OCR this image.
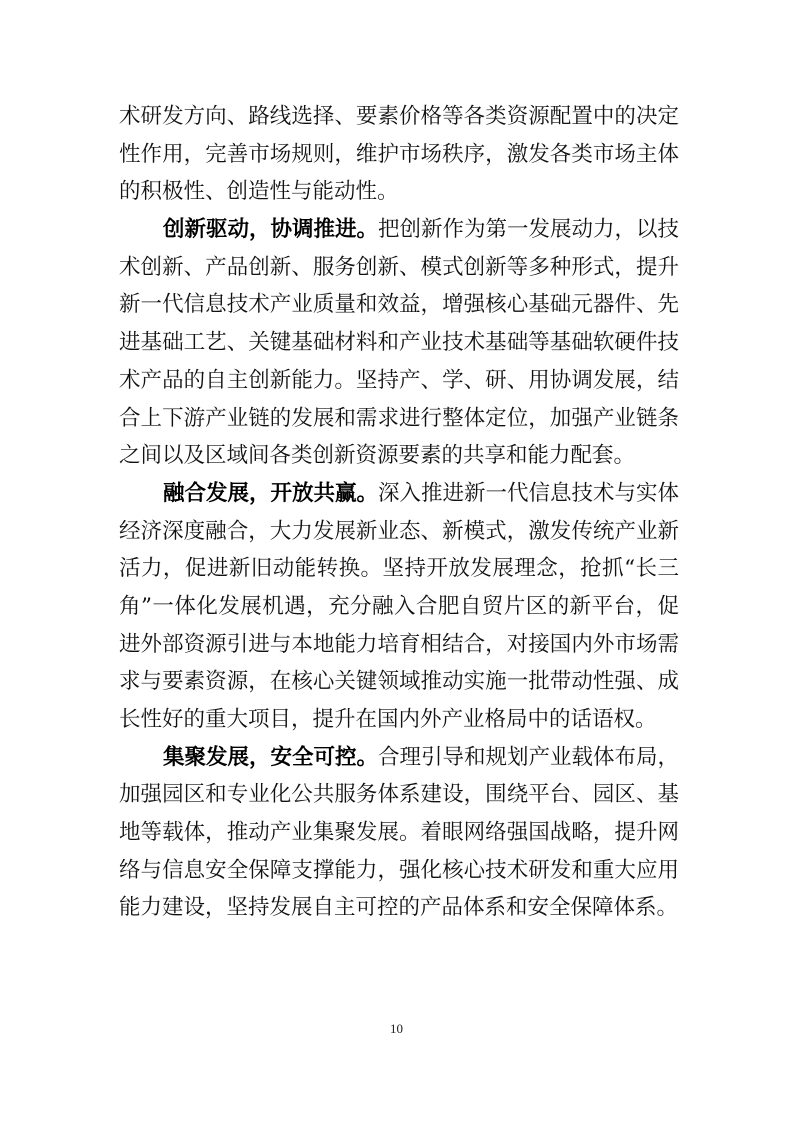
术研发方向、路线选择、要素价格等各类资源配置中的决定
性作用，完善市场规则，维护市场秩序，激发各类市场主体
的积极性、创造性与能动性。
创新驱动，协调推进。把创新作为第一发展动力，以技
术创新、产品创新、服务创新、模式创新等多种形式，提升
新一代信息技术产业质量和效益，增强核心基础元器件、先
进基础工艺、关键基础材料和产业技术基础等基础软硬件技
术产品的自主创新能力。坚持产、学、研、用协调发展，结
合上下游产业链的发展和需求进行整体定位，加强产业链条
之间以及区域间各类创新资源要素的共享和能力配套。
融合发展，开放共赢。深入推进新一代信息技术与实体
经济深度融合，大力发展新业态、新模式，激发传统产业新
活力，促进新旧动能转换。坚持开放发展理念，抢抓“长三
角”一体化发展机遇，充分融入合肥自贸片区的新平台，促
进外部资源引进与本地能力培育相结合，对接国内外市场需
求与要素资源，在核心关键领域推动实施一批带动性强、成
长性好的重大项目，提升在国内外产业格局中的话语权。
集聚发展，安全可控。合理引导和规划产业载体布局，
加强园区和专业化公共服务体系建设，围绕平台、园区、基
地等载体，推动产业集聚发展。着眼网络强国战略，提升网
络与信息安全保障支撑能力，强化核心技术研发和重大应用
能力建设，坚持发展自主可控的产品体系和安全保障体系。
10
